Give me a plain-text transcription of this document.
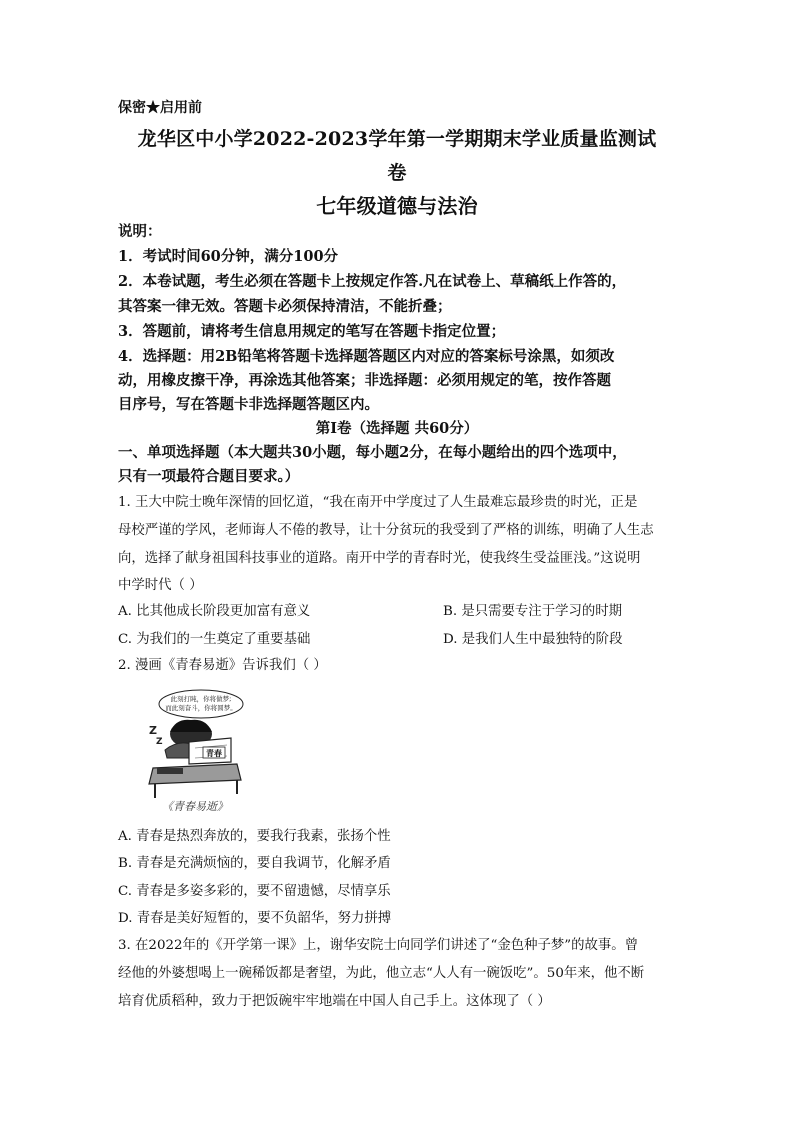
保密★启用前
龙华区中小学2022-2023学年第一学期期末学业质量监测试
卷
七年级道德与法治
说明：
1．考试时间60分钟，满分100分
2．本卷试题，考生必须在答题卡上按规定作答.凡在试卷上、草稿纸上作答的，
其答案一律无效。答题卡必须保持清洁，不能折叠；
3．答题前，请将考生信息用规定的笔写在答题卡指定位置；
4．选择题：用2B铅笔将答题卡选择题答题区内对应的答案标号涂黑，如须改
动，用橡皮擦干净，再涂选其他答案；非选择题：必须用规定的笔，按作答题
目序号，写在答题卡非选择题答题区内。
第Ⅰ卷（选择题 共60分）
一、单项选择题（本大题共30小题，每小题2分，在每小题给出的四个选项中，
只有一项最符合题目要求。）
1. 王大中院士晚年深情的回忆道，“我在南开中学度过了人生最难忘最珍贵的时光，正是
母校严谨的学风，老师诲人不倦的教导，让十分贫玩的我受到了严格的训练，明确了人生志
向，选择了献身祖国科技事业的道路。南开中学的青春时光，使我终生受益匪浅。”这说明
中学时代（ ）
A. 比其他成长阶段更加富有意义	B. 是只需要专注于学习的时期
C. 为我们的一生奠定了重要基础	D. 是我们人生中最独特的阶段
2. 漫画《青春易逝》告诉我们（ ）
此刻打盹，你将做梦;
而此刻奋斗，你将圆梦。
Z
Z
青春
《青春易逝》
A. 青春是热烈奔放的，要我行我素，张扬个性
B. 青春是充满烦恼的，要自我调节，化解矛盾
C. 青春是多姿多彩的，要不留遗憾，尽情享乐
D. 青春是美好短暂的，要不负韶华，努力拼搏
3. 在2022年的《开学第一课》上，谢华安院士向同学们讲述了“金色种子梦”的故事。曾
经他的外婆想喝上一碗稀饭都是奢望，为此，他立志“人人有一碗饭吃”。50年来，他不断
培育优质稻种，致力于把饭碗牢牢地端在中国人自己手上。这体现了（ ）
